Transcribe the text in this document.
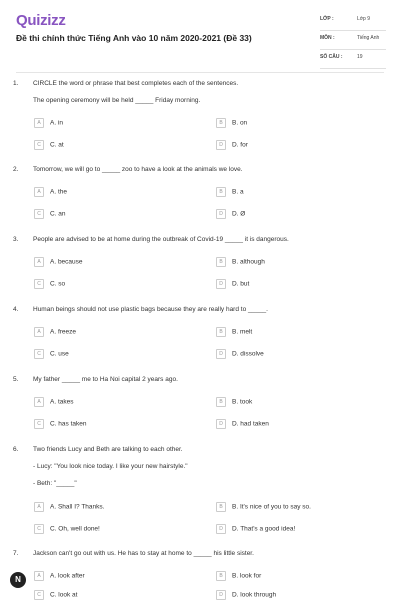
Quizizz
Đề thi chính thức Tiếng Anh vào 10 năm 2020-2021 (Đề 33)
LỚP :	Lớp 9
MÔN :	Tiếng Anh
SỐ CÂU :	19
1. CIRCLE the word or phrase that best completes each of the sentences.
The opening ceremony will be held _____ Friday morning.
A A. in	B B. on
C C. at	D D. for
2. Tomorrow, we will go to _____ zoo to have a look at the animals we love.
A A. the	B B. a
C C. an	D D. Ø
3. People are advised to be at home during the outbreak of Covid-19 _____ it is dangerous.
A A. because	B B. although
C C. so	D D. but
4. Human beings should not use plastic bags because they are really hard to _____.
A A. freeze	B B. melt
C C. use	D D. dissolve
5. My father _____ me to Ha Noi capital 2 years ago.
A A. takes	B B. took
C C. has taken	D D. had taken
6. Two friends Lucy and Beth are talking to each other.
- Lucy: "You look nice today. I like your new hairstyle."
- Beth: "_____"
A A. Shall I? Thanks.	B B. It's nice of you to say so.
C C. Oh, well done!	D D. That's a good idea!
7. Jackson can't go out with us. He has to stay at home to _____ his little sister.
A A. look after	B B. look for
C C. look at	D D. look through
N
